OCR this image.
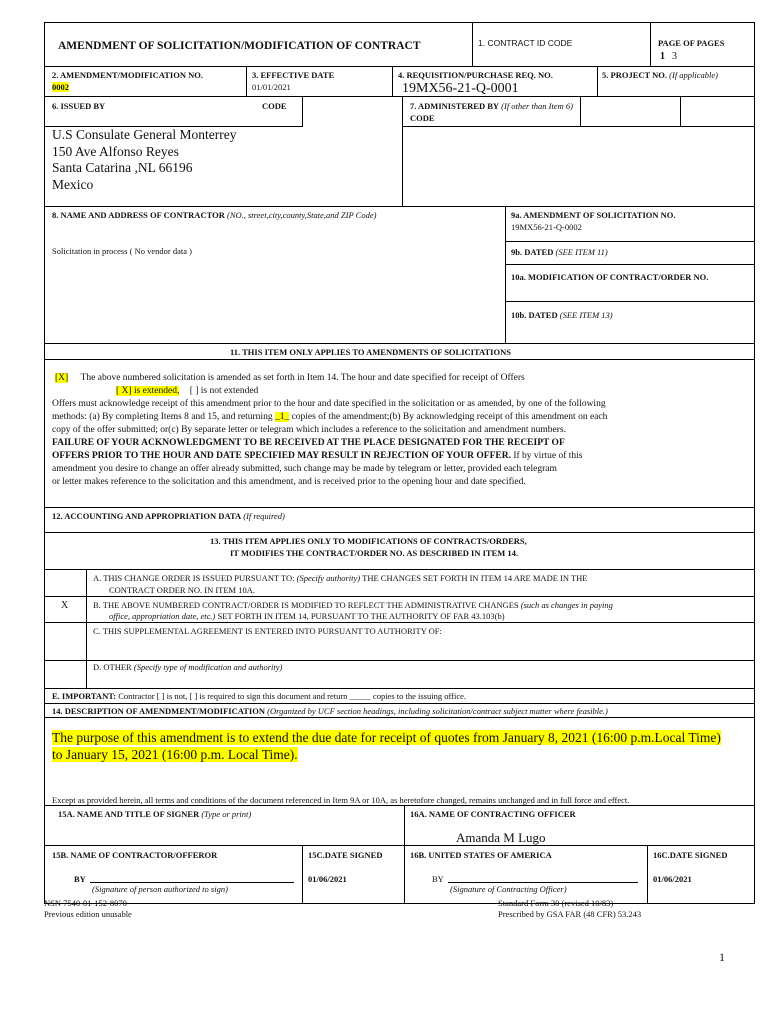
AMENDMENT OF SOLICITATION/MODIFICATION OF CONTRACT	1. CONTRACT ID CODE	PAGE OF PAGES
1 3
2. AMENDMENT/MODIFICATION NO.
0002
3. EFFECTIVE DATE
01/01/2021
4. REQUISITION/PURCHASE REQ. NO.
19MX56-21-Q-0001
5. PROJECT NO. (If applicable)
6. ISSUED BY	CODE
U.S Consulate General Monterrey
150 Ave Alfonso Reyes
Santa Catarina ,NL 66196
Mexico
7. ADMINISTERED BY (If other than Item 6)
CODE
8. NAME AND ADDRESS OF CONTRACTOR (NO., street,city,county,State,and ZIP Code)
Solicitation in process ( No vendor data )
9a. AMENDMENT OF SOLICITATION NO.
19MX56-21-Q-0002
9b. DATED (SEE ITEM 11)
10a. MODIFICATION OF CONTRACT/ORDER NO.
10b. DATED (SEE ITEM 13)
11. THIS ITEM ONLY APPLIES TO AMENDMENTS OF SOLICITATIONS
[X] The above numbered solicitation is amended as set forth in Item 14. The hour and date specified for receipt of Offers
[ X] is extended, [ ] is not extended
Offers must acknowledge receipt of this amendment prior to the hour and date specified in the solicitation or as amended, by one of the following
methods: (a) By completing Items 8 and 15, and returning _1_ copies of the amendment;(b) By acknowledging receipt of this amendment on each
copy of the offer submitted; or(c) By separate letter or telegram which includes a reference to the solicitation and amendment numbers.
FAILURE OF YOUR ACKNOWLEDGMENT TO BE RECEIVED AT THE PLACE DESIGNATED FOR THE RECEIPT OF
OFFERS PRIOR TO THE HOUR AND DATE SPECIFIED MAY RESULT IN REJECTION OF YOUR OFFER. If by virtue of this
amendment you desire to change an offer already submitted, such change may be made by telegram or letter, provided each telegram
or letter makes reference to the solicitation and this amendment, and is received prior to the opening hour and date specified.
12. ACCOUNTING AND APPROPRIATION DATA (If required)
13. THIS ITEM APPLIES ONLY TO MODIFICATIONS OF CONTRACTS/ORDERS,
IT MODIFIES THE CONTRACT/ORDER NO. AS DESCRIBED IN ITEM 14.
A. THIS CHANGE ORDER IS ISSUED PURSUANT TO: (Specify authority) THE CHANGES SET FORTH IN ITEM 14 ARE MADE IN THE
CONTRACT ORDER NO. IN ITEM 10A.
X	B. THE ABOVE NUMBERED CONTRACT/ORDER IS MODIFIED TO REFLECT THE ADMINISTRATIVE CHANGES (such as changes in paying
office, appropriation date, etc.) SET FORTH IN ITEM 14, PURSUANT TO THE AUTHORITY OF FAR 43.103(b)
C. THIS SUPPLEMENTAL AGREEMENT IS ENTERED INTO PURSUANT TO AUTHORITY OF:
D. OTHER (Specify type of modification and authority)
E. IMPORTANT: Contractor [ ] is not, [ ] is required to sign this document and return _____ copies to the issuing office.
14. DESCRIPTION OF AMENDMENT/MODIFICATION (Organized by UCF section headings, including solicitation/contract subject matter where feasible.)
The purpose of this amendment is to extend the due date for receipt of quotes from January 8, 2021 (16:00 p.m.Local Time)
to January 15, 2021 (16:00 p.m. Local Time).
Except as provided herein, all terms and conditions of the document referenced in Item 9A or 10A, as heretofore changed, remains unchanged and in full force and effect.
15A. NAME AND TITLE OF SIGNER (Type or print)	16A. NAME OF CONTRACTING OFFICER
Amanda M Lugo
15B. NAME OF CONTRACTOR/OFFEROR	15C.DATE SIGNED	16B. UNITED STATES OF AMERICA	16C.DATE SIGNED
BY
(Signature of person authorized to sign)
01/06/2021	BY
(Signature of Contracting Officer)
01/06/2021
NSN 7540-01-152-8070
Previous edition unusable
Standard Form 30 (revised 10/83)
Prescribed by GSA FAR (48 CFR) 53.243
1
